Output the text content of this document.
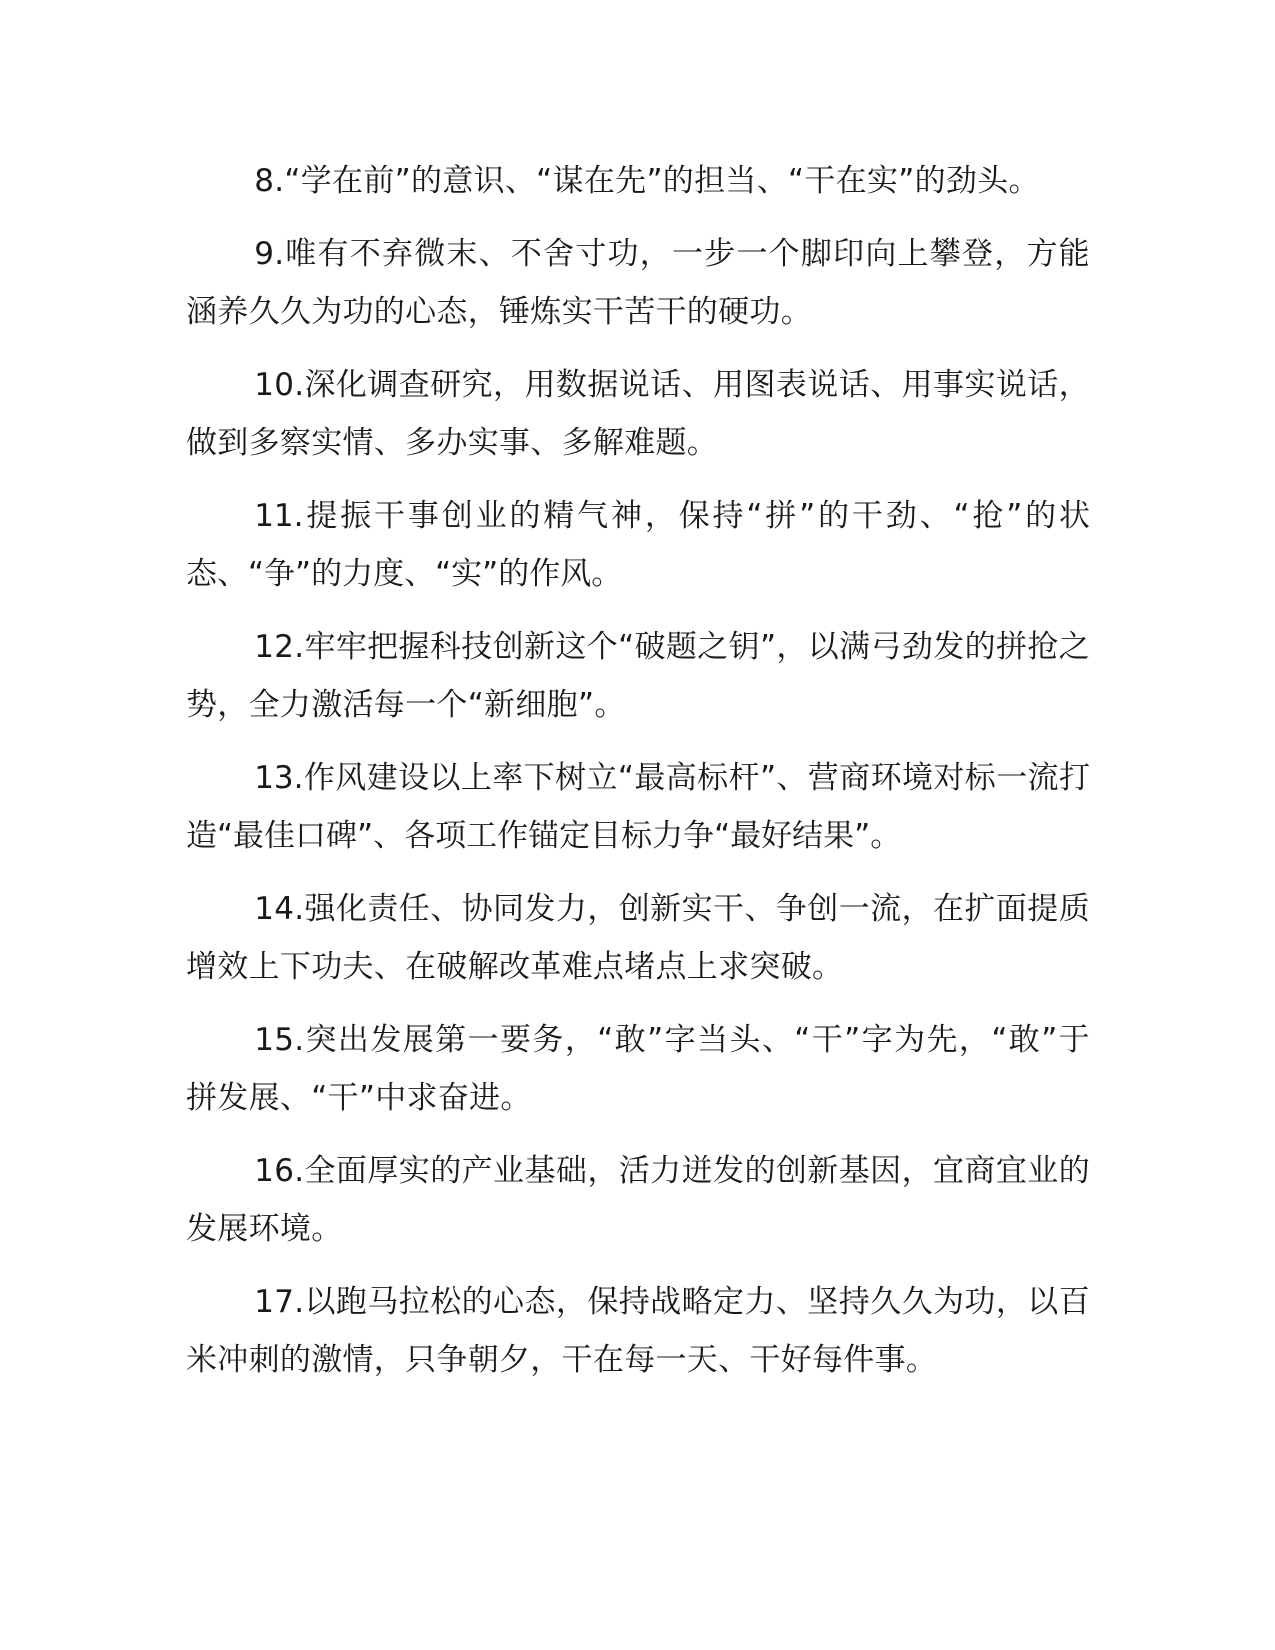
8.“学在前”的意识、“谋在先”的担当、“干在实”的劲头。

9.唯有不弃微末、不舍寸功，一步一个脚印向上攀登，方能涵养久久为功的心态，锤炼实干苦干的硬功。

10.深化调查研究，用数据说话、用图表说话、用事实说话，做到多察实情、多办实事、多解难题。

11.提振干事创业的精气神，保持“拼”的干劲、“抢”的状态、“争”的力度、“实”的作风。

12.牢牢把握科技创新这个“破题之钥”，以满弓劲发的拼抢之势，全力激活每一个“新细胞”。

13.作风建设以上率下树立“最高标杆”、营商环境对标一流打造“最佳口碑”、各项工作锚定目标力争“最好结果”。

14.强化责任、协同发力，创新实干、争创一流，在扩面提质增效上下功夫、在破解改革难点堵点上求突破。

15.突出发展第一要务，“敢”字当头、“干”字为先，“敢”于拼发展、“干”中求奋进。

16.全面厚实的产业基础，活力迸发的创新基因，宜商宜业的发展环境。

17.以跑马拉松的心态，保持战略定力、坚持久久为功，以百米冲刺的激情，只争朝夕，干在每一天、干好每件事。
